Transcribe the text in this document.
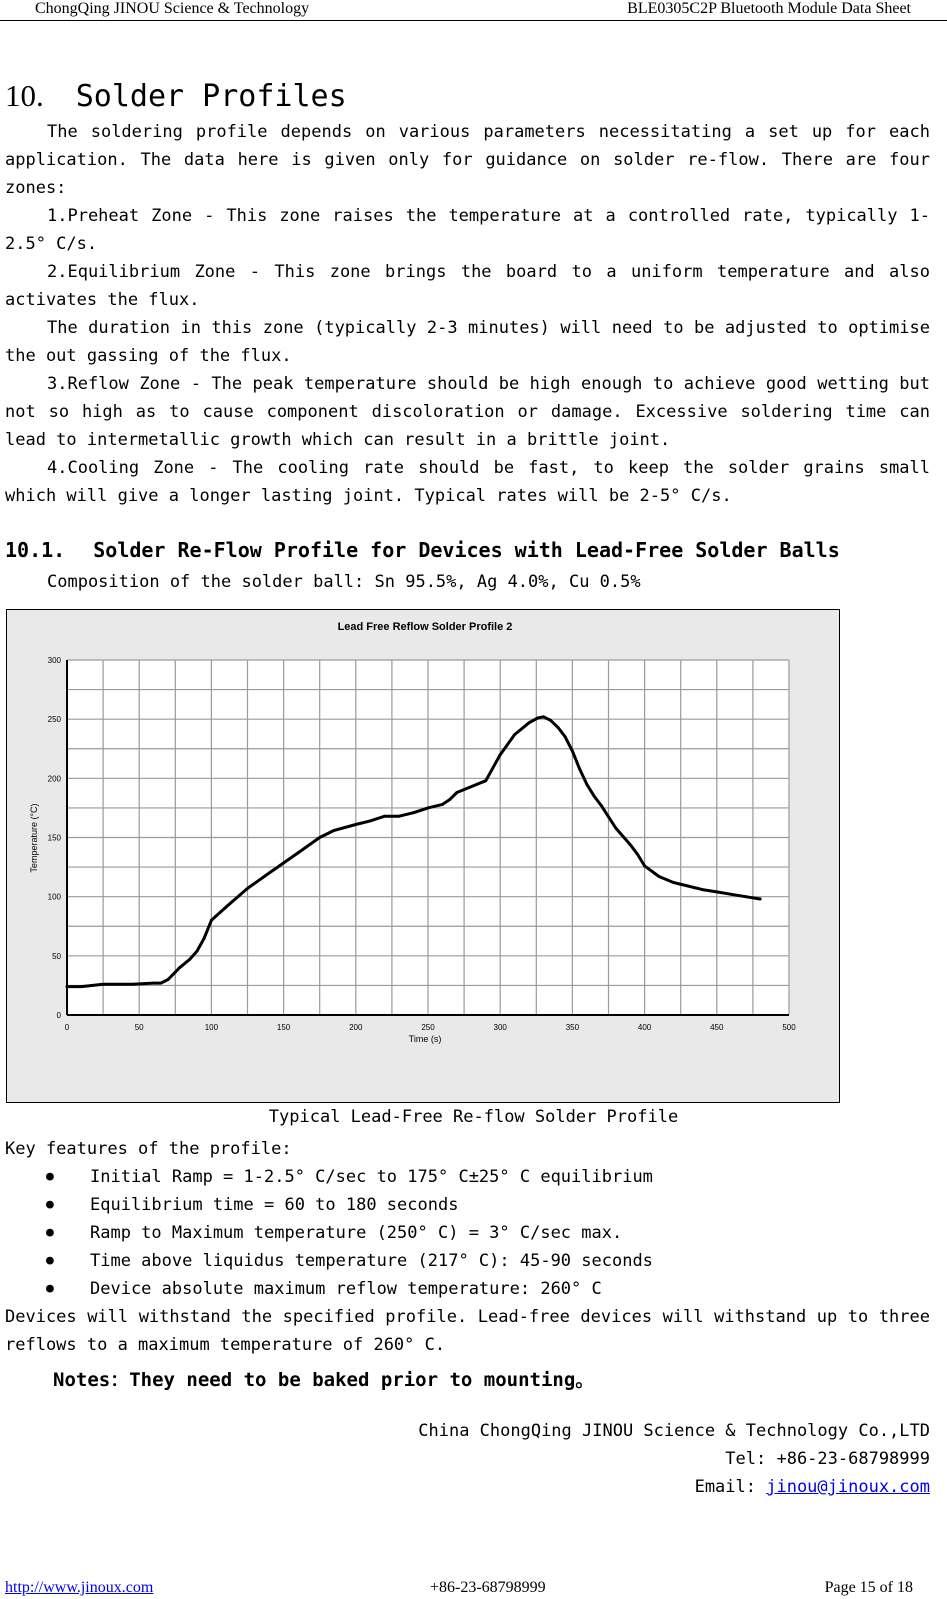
ChongQing JINOU Science & Technology	BLE0305C2P Bluetooth Module Data Sheet
10. Solder Profiles
The soldering profile depends on various parameters necessitating a set up for each application. The data here is given only for guidance on solder re-flow. There are four zones:
1.Preheat Zone - This zone raises the temperature at a controlled rate, typically 1-2.5° C/s.
2.Equilibrium Zone - This zone brings the board to a uniform temperature and also activates the flux.
The duration in this zone (typically 2-3 minutes) will need to be adjusted to optimise the out gassing of the flux.
3.Reflow Zone - The peak temperature should be high enough to achieve good wetting but not so high as to cause component discoloration or damage. Excessive soldering time can lead to intermetallic growth which can result in a brittle joint.
4.Cooling Zone - The cooling rate should be fast, to keep the solder grains small which will give a longer lasting joint. Typical rates will be 2-5° C/s.
10.1. Solder Re-Flow Profile for Devices with Lead-Free Solder Balls
Composition of the solder ball: Sn 95.5%, Ag 4.0%, Cu 0.5%
0	50	100	150	200	250	300	350	400	450	500
0
50
100
150
200
250
300
Lead Free Reflow Solder Profile 2
Time (s)
Temperature (°C)
Typical Lead-Free Re-flow Solder Profile
Key features of the profile:
● Initial Ramp = 1-2.5° C/sec to 175° C±25° C equilibrium
● Equilibrium time = 60 to 180 seconds
● Ramp to Maximum temperature (250° C) = 3° C/sec max.
● Time above liquidus temperature (217° C): 45-90 seconds
● Device absolute maximum reflow temperature: 260° C
Devices will withstand the specified profile. Lead-free devices will withstand up to three reflows to a maximum temperature of 260° C.
Notes：They need to be baked prior to mounting。
China ChongQing JINOU Science & Technology Co.,LTD
Tel: +86-23-68798999
Email: jinou@jinoux.com
http://www.jinoux.com	+86-23-68798999	Page 15 of 18
